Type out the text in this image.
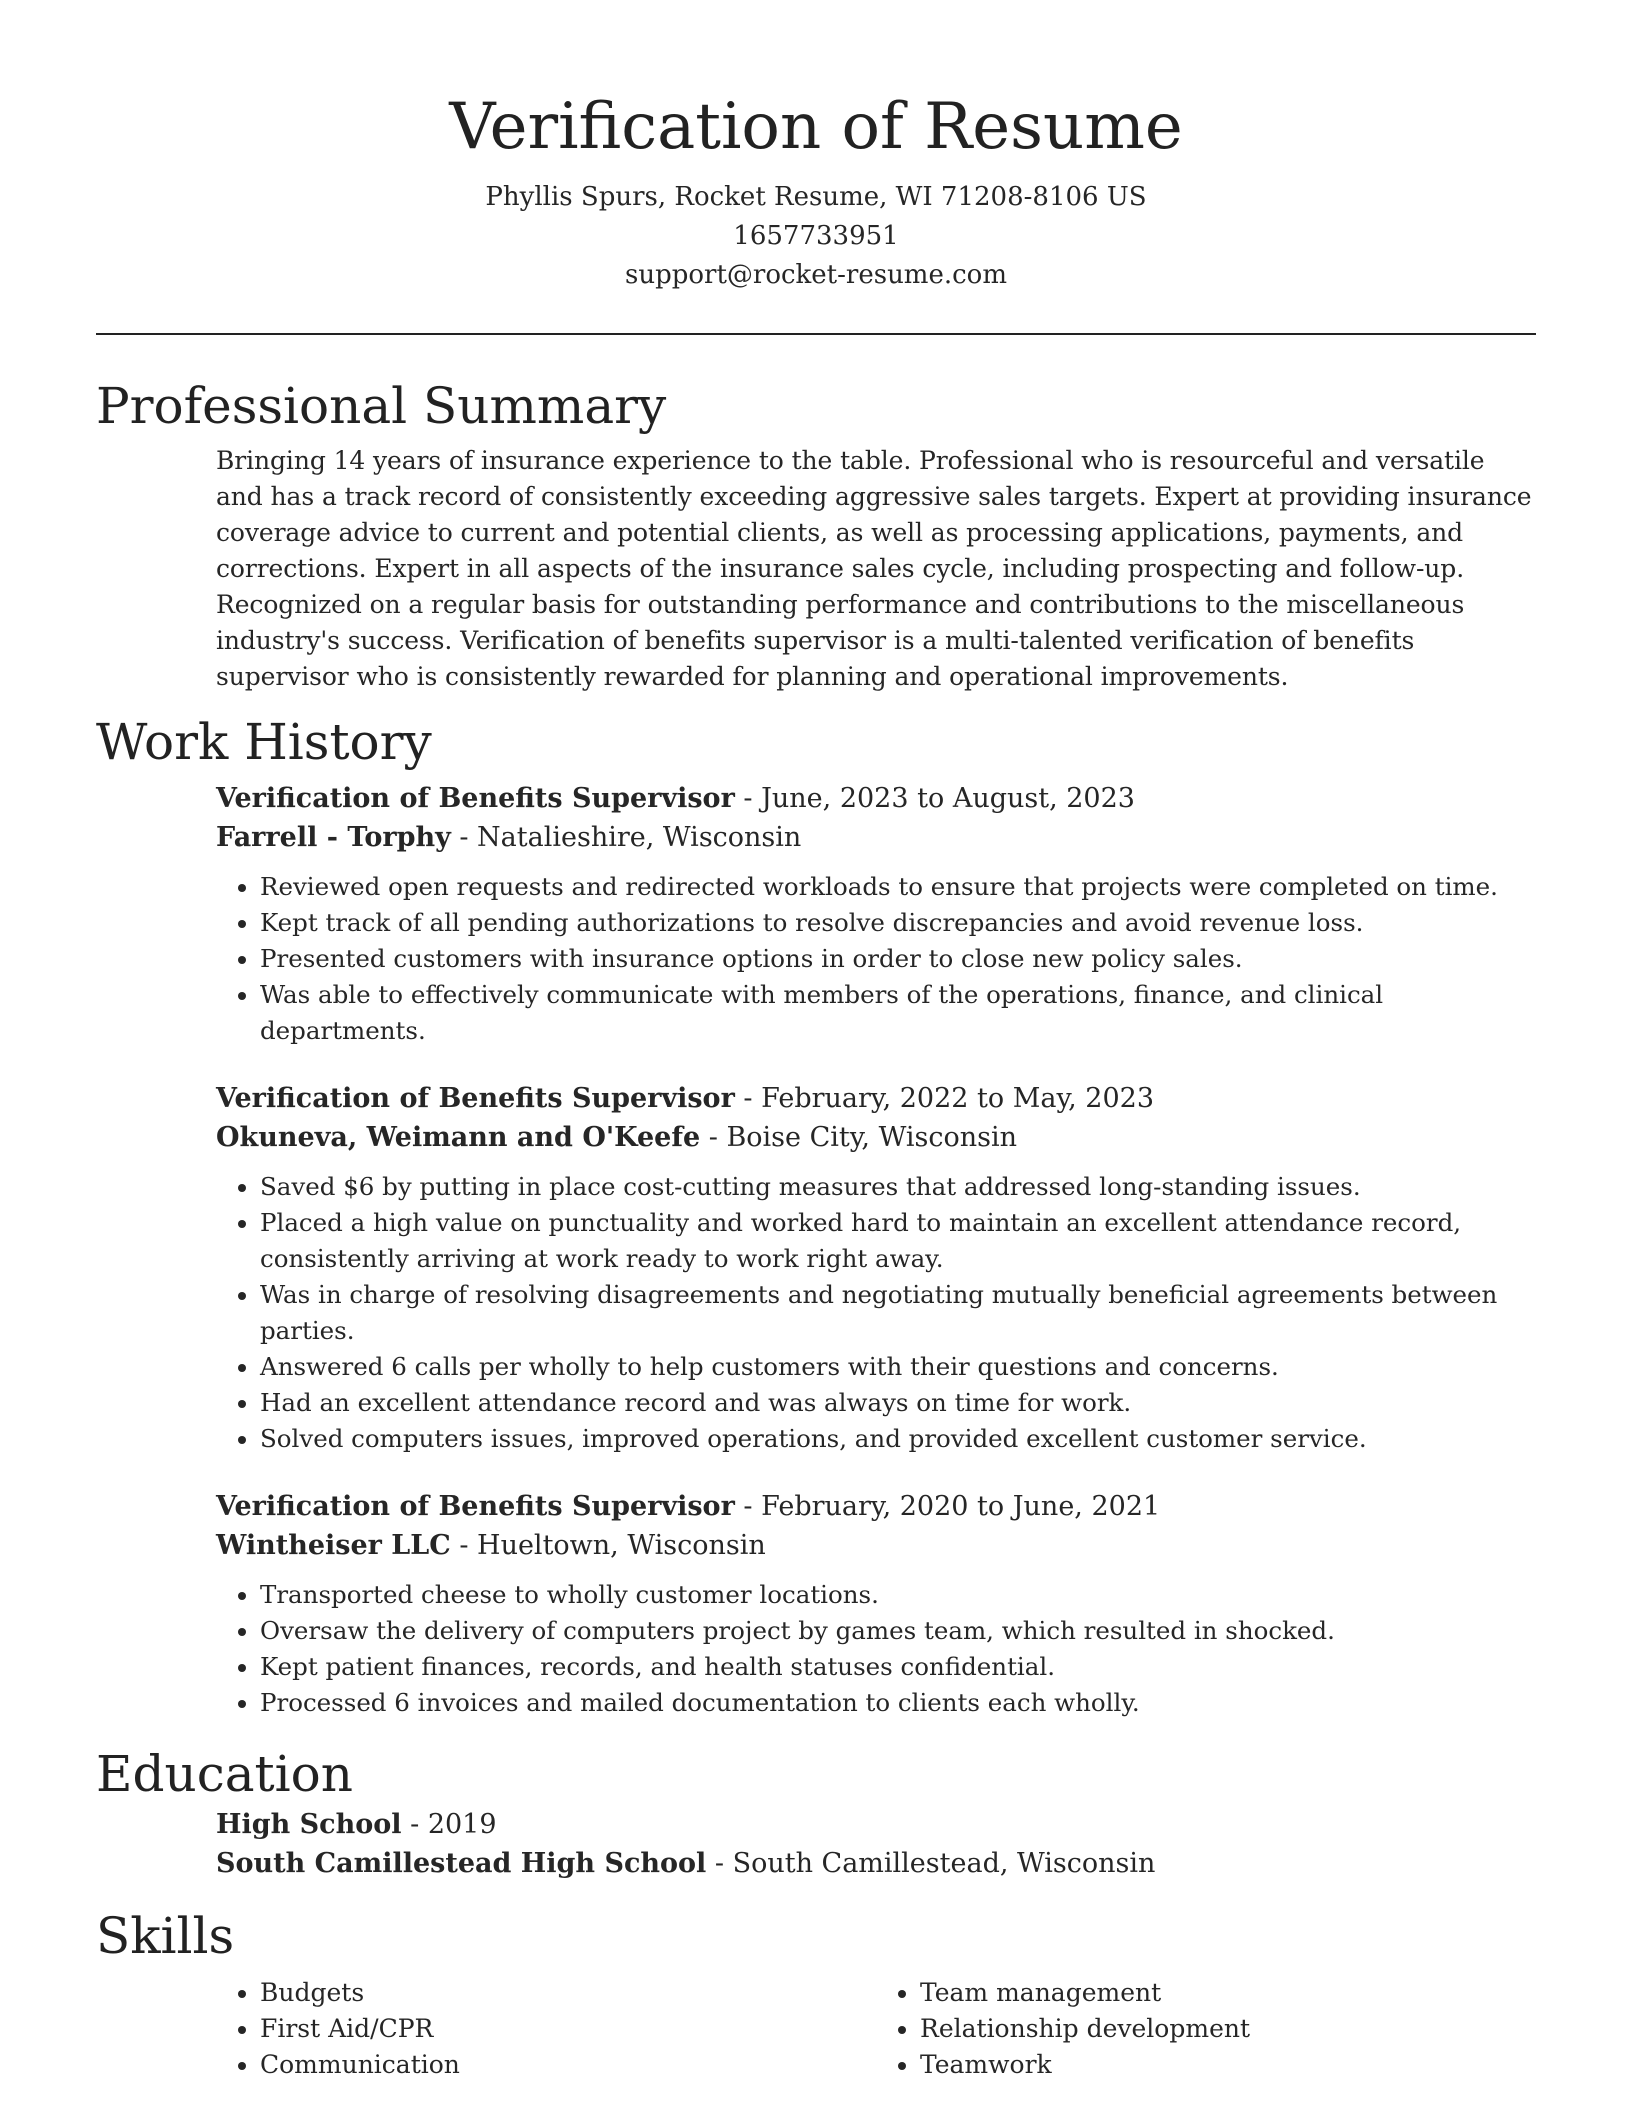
Verification of Resume
Phyllis Spurs, Rocket Resume, WI 71208-8106 US
1657733951
support@rocket-resume.com
Professional Summary

Bringing 14 years of insurance experience to the table. Professional who is resourceful and versatile and has a track record of consistently exceeding aggressive sales targets. Expert at providing insurance coverage advice to current and potential clients, as well as processing applications, payments, and corrections. Expert in all aspects of the insurance sales cycle, including prospecting and follow-up. Recognized on a regular basis for outstanding performance and contributions to the miscellaneous industry's success. Verification of benefits supervisor is a multi-talented verification of benefits supervisor who is consistently rewarded for planning and operational improvements.

Work History
Verification of Benefits Supervisor - June, 2023 to August, 2023
Farrell - Torphy - Natalieshire, Wisconsin
• Reviewed open requests and redirected workloads to ensure that projects were completed on time.
• Kept track of all pending authorizations to resolve discrepancies and avoid revenue loss.
• Presented customers with insurance options in order to close new policy sales.
• Was able to effectively communicate with members of the operations, finance, and clinical departments.
Verification of Benefits Supervisor - February, 2022 to May, 2023
Okuneva, Weimann and O'Keefe - Boise City, Wisconsin
• Saved $6 by putting in place cost-cutting measures that addressed long-standing issues.
• Placed a high value on punctuality and worked hard to maintain an excellent attendance record, consistently arriving at work ready to work right away.
• Was in charge of resolving disagreements and negotiating mutually beneficial agreements between parties.
• Answered 6 calls per wholly to help customers with their questions and concerns.
• Had an excellent attendance record and was always on time for work.
• Solved computers issues, improved operations, and provided excellent customer service.
Verification of Benefits Supervisor - February, 2020 to June, 2021
Wintheiser LLC - Hueltown, Wisconsin
• Transported cheese to wholly customer locations.
• Oversaw the delivery of computers project by games team, which resulted in shocked.
• Kept patient finances, records, and health statuses confidential.
• Processed 6 invoices and mailed documentation to clients each wholly.
Education
High School - 2019
South Camillestead High School - South Camillestead, Wisconsin
Skills
• Budgets
• First Aid/CPR
• Communication
• Team management
• Relationship development
• Teamwork
